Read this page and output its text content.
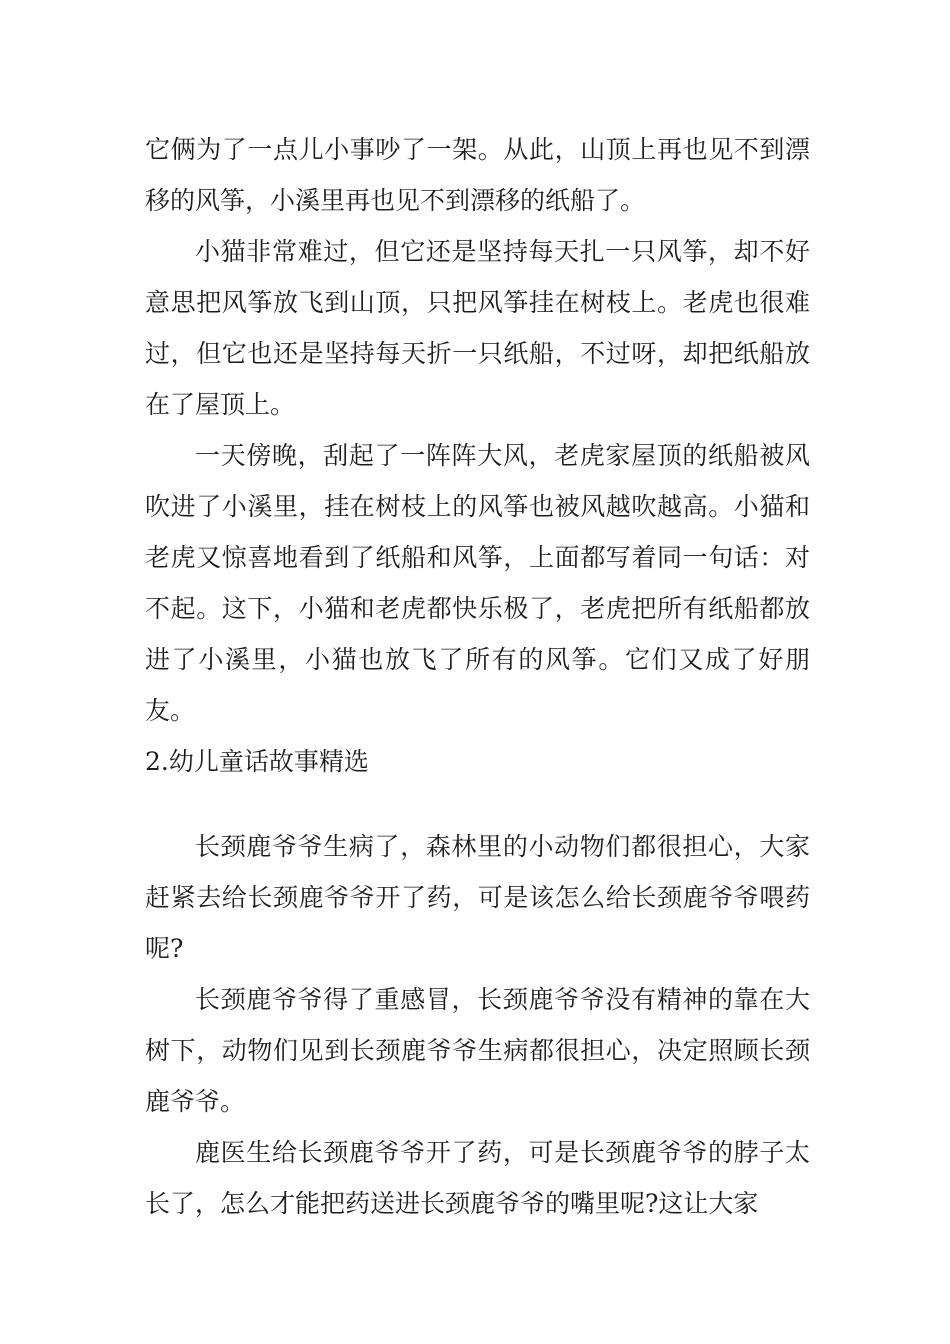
它俩为了一点儿小事吵了一架。从此，山顶上再也见不到漂移的风筝，小溪里再也见不到漂移的纸船了。

小猫非常难过，但它还是坚持每天扎一只风筝，却不好意思把风筝放飞到山顶，只把风筝挂在树枝上。老虎也很难过，但它也还是坚持每天折一只纸船，不过呀，却把纸船放在了屋顶上。

一天傍晚，刮起了一阵阵大风，老虎家屋顶的纸船被风吹进了小溪里，挂在树枝上的风筝也被风越吹越高。小猫和老虎又惊喜地看到了纸船和风筝，上面都写着同一句话：对不起。这下，小猫和老虎都快乐极了，老虎把所有纸船都放进了小溪里，小猫也放飞了所有的风筝。它们又成了好朋友。

2.幼儿童话故事精选

长颈鹿爷爷生病了，森林里的小动物们都很担心，大家赶紧去给长颈鹿爷爷开了药，可是该怎么给长颈鹿爷爷喂药呢?

长颈鹿爷爷得了重感冒，长颈鹿爷爷没有精神的靠在大树下，动物们见到长颈鹿爷爷生病都很担心，决定照顾长颈鹿爷爷。

鹿医生给长颈鹿爷爷开了药，可是长颈鹿爷爷的脖子太长了，怎么才能把药送进长颈鹿爷爷的嘴里呢?这让大家
